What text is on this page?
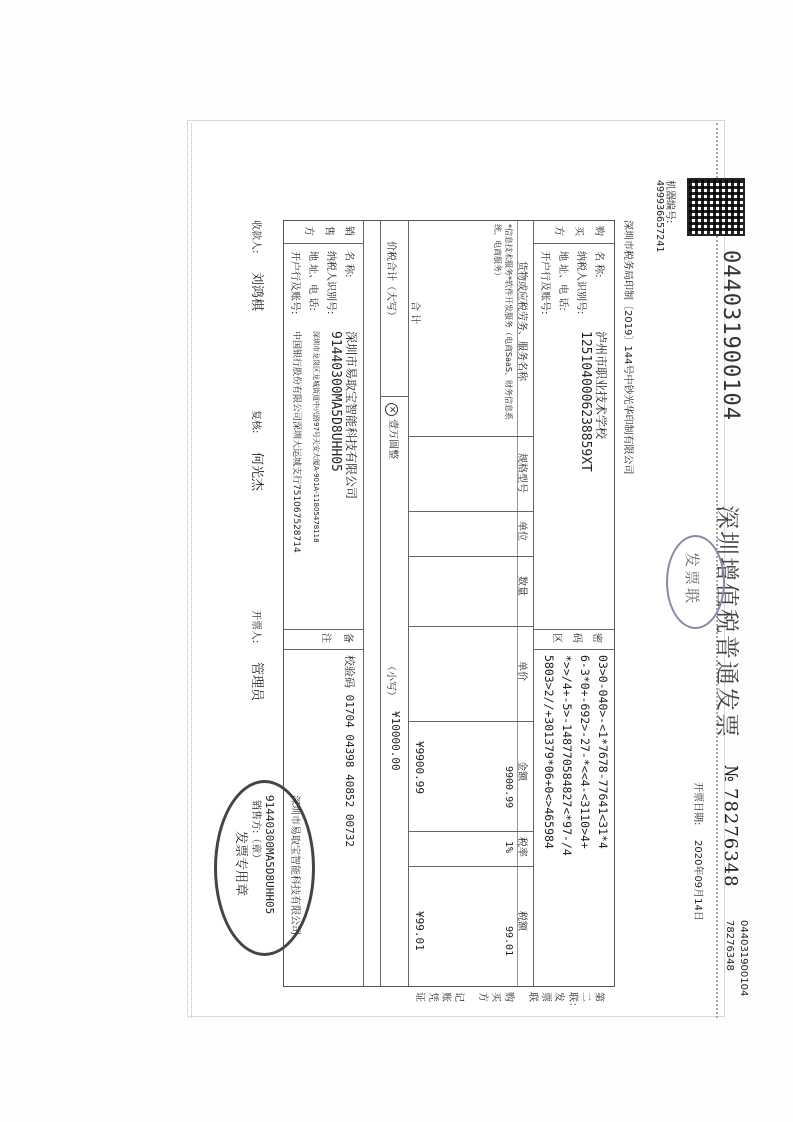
044031900104
机器编号:
499936657241
深圳增值税普通发票
发票联
№
78276348
044031900104
78276348
开票日期:
2020年09月14日
购买方
名 称:
泸州市职业技术学校
纳税人识别号:
12510400062388​59XT
地 址、电 话:
开户行及账号:
密码区
03>0-040>-<1*7678-77641<31*4
6-3*0+-692>-27-*<<4-<3110>4+
*>>/4+-5>-148770584827<*97-/4
5803>2//+301379*06+0<>465984
货物或应税劳务、服务名称
规格型号
单位
数量
单价
金额
税率
税额
*信息技术服务*软件开发服务（电商SaaS、财务信息系统、电商服务）
9900.99
1%
99.01
合 计
¥9900.99
¥99.01
价税合计（大写）
× 壹万圆整
（小写）
¥10000.00
销售方
名 称:
深圳市易取宝智能科技有限公司
纳税人识别号:
91440300MA5D8UHH05
地 址、电 话:
深圳市龙岗区龙城街道中兴路97号天安大厦A-901A-11805478118
开户行及账号:
中国银行股份有限公司深圳大运城支行751067528714
备注
校验码 01704 04398 40852 00732
收款人:
刘鸿棋
复核:
何光杰
开票人:
管理员
销售方:（章）
深圳市税务局印制〔2019〕144号中钞光华印制有限公司
第二联：
发票联
购买方
记账凭证
深圳市易取宝智能科技有限公司
91440300MA5D8UHH05
发票专用章
